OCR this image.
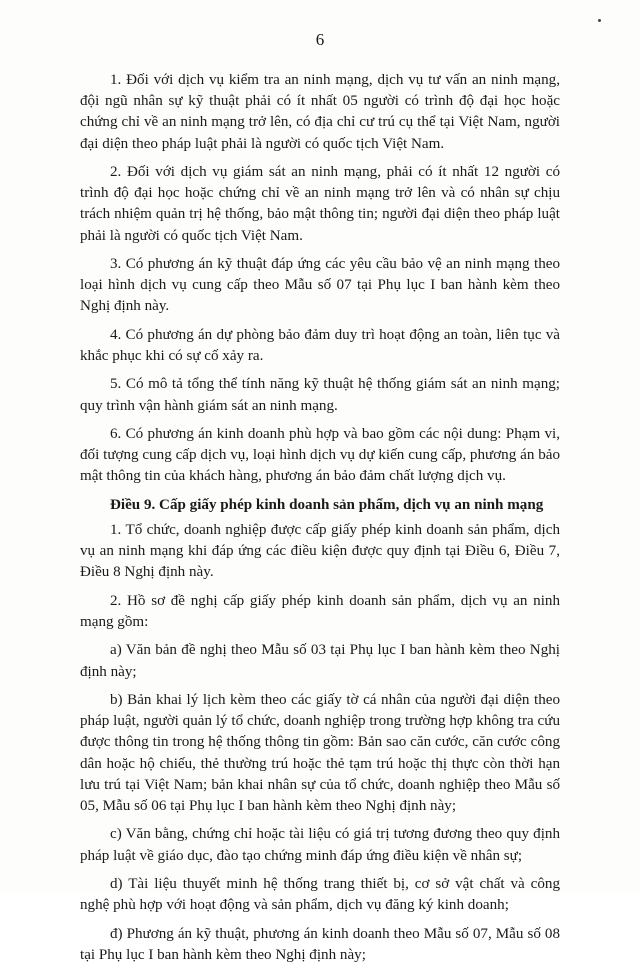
6

1. Đối với dịch vụ kiểm tra an ninh mạng, dịch vụ tư vấn an ninh mạng, đội ngũ nhân sự kỹ thuật phải có ít nhất 05 người có trình độ đại học hoặc chứng chỉ về an ninh mạng trở lên, có địa chỉ cư trú cụ thể tại Việt Nam, người đại diện theo pháp luật phải là người có quốc tịch Việt Nam.

2. Đối với dịch vụ giám sát an ninh mạng, phải có ít nhất 12 người có trình độ đại học hoặc chứng chỉ về an ninh mạng trở lên và có nhân sự chịu trách nhiệm quản trị hệ thống, bảo mật thông tin; người đại diện theo pháp luật phải là người có quốc tịch Việt Nam.

3. Có phương án kỹ thuật đáp ứng các yêu cầu bảo vệ an ninh mạng theo loại hình dịch vụ cung cấp theo Mẫu số 07 tại Phụ lục I ban hành kèm theo Nghị định này.

4. Có phương án dự phòng bảo đảm duy trì hoạt động an toàn, liên tục và khắc phục khi có sự cố xảy ra.

5. Có mô tả tổng thể tính năng kỹ thuật hệ thống giám sát an ninh mạng; quy trình vận hành giám sát an ninh mạng.

6. Có phương án kinh doanh phù hợp và bao gồm các nội dung: Phạm vi, đối tượng cung cấp dịch vụ, loại hình dịch vụ dự kiến cung cấp, phương án bảo mật thông tin của khách hàng, phương án bảo đảm chất lượng dịch vụ.

Điều 9. Cấp giấy phép kinh doanh sản phẩm, dịch vụ an ninh mạng

1. Tổ chức, doanh nghiệp được cấp giấy phép kinh doanh sản phẩm, dịch vụ an ninh mạng khi đáp ứng các điều kiện được quy định tại Điều 6, Điều 7, Điều 8 Nghị định này.

2. Hồ sơ đề nghị cấp giấy phép kinh doanh sản phẩm, dịch vụ an ninh mạng gồm:

a) Văn bản đề nghị theo Mẫu số 03 tại Phụ lục I ban hành kèm theo Nghị định này;

b) Bản khai lý lịch kèm theo các giấy tờ cá nhân của người đại diện theo pháp luật, người quản lý tổ chức, doanh nghiệp trong trường hợp không tra cứu được thông tin trong hệ thống thông tin gồm: Bản sao căn cước, căn cước công dân hoặc hộ chiếu, thẻ thường trú hoặc thẻ tạm trú hoặc thị thực còn thời hạn lưu trú tại Việt Nam; bản khai nhân sự của tổ chức, doanh nghiệp theo Mẫu số 05, Mẫu số 06 tại Phụ lục I ban hành kèm theo Nghị định này;

c) Văn bằng, chứng chỉ hoặc tài liệu có giá trị tương đương theo quy định pháp luật về giáo dục, đào tạo chứng minh đáp ứng điều kiện về nhân sự;

d) Tài liệu thuyết minh hệ thống trang thiết bị, cơ sở vật chất và công nghệ phù hợp với hoạt động và sản phẩm, dịch vụ đăng ký kinh doanh;

đ) Phương án kỹ thuật, phương án kinh doanh theo Mẫu số 07, Mẫu số 08 tại Phụ lục I ban hành kèm theo Nghị định này;
